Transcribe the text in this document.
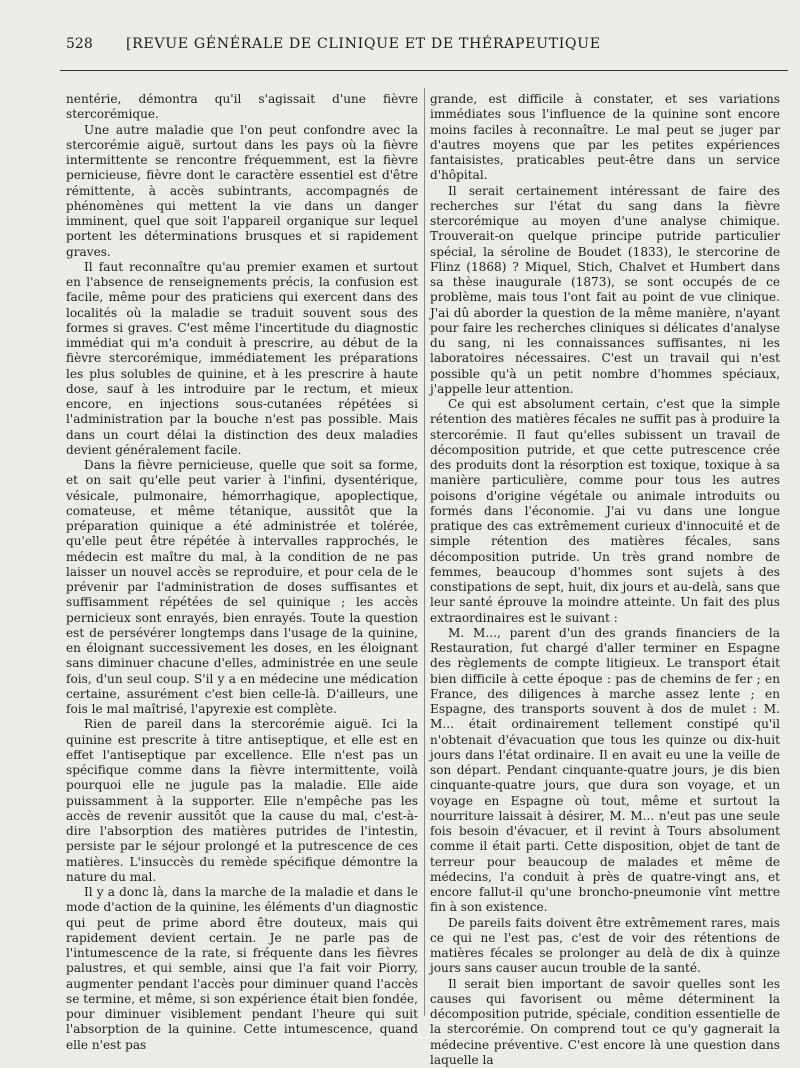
528	[REVUE GÉNÉRALE DE CLINIQUE ET DE THÉRAPEUTIQUE

nentérie, démontra qu'il s'agissait d'une fièvre stercorémique.

Une autre maladie que l'on peut confondre avec la stercorémie aiguë, surtout dans les pays où la fièvre intermittente se rencontre fréquemment, est la fièvre pernicieuse, fièvre dont le caractère essentiel est d'être rémittente, à accès subintrants, accompagnés de phénomènes qui mettent la vie dans un danger imminent, quel que soit l'appareil organique sur lequel portent les déterminations brusques et si rapidement graves.

Il faut reconnaître qu'au premier examen et surtout en l'absence de renseignements précis, la confusion est facile, même pour des praticiens qui exercent dans des localités où la maladie se traduit souvent sous des formes si graves. C'est même l'incertitude du diagnostic immédiat qui m'a conduit à prescrire, au début de la fièvre stercorémique, immédiatement les préparations les plus solubles de quinine, et à les prescrire à haute dose, sauf à les introduire par le rectum, et mieux encore, en injections sous-cutanées répétées si l'administration par la bouche n'est pas possible. Mais dans un court délai la distinction des deux maladies devient généralement facile.

Dans la fièvre pernicieuse, quelle que soit sa forme, et on sait qu'elle peut varier à l'infini, dysentérique, vésicale, pulmonaire, hémorrhagique, apoplectique, comateuse, et même tétanique, aussitôt que la préparation quinique a été administrée et tolérée, qu'elle peut être répétée à intervalles rapprochés, le médecin est maître du mal, à la condition de ne pas laisser un nouvel accès se reproduire, et pour cela de le prévenir par l'administration de doses suffisantes et suffisamment répétées de sel quinique ; les accès pernicieux sont enrayés, bien enrayés. Toute la question est de persévérer longtemps dans l'usage de la quinine, en éloignant successivement les doses, en les éloignant sans diminuer chacune d'elles, administrée en une seule fois, d'un seul coup. S'il y a en médecine une médication certaine, assurément c'est bien celle-là. D'ailleurs, une fois le mal maîtrisé, l'apyrexie est complète.

Rien de pareil dans la stercorémie aiguë. Ici la quinine est prescrite à titre antiseptique, et elle est en effet l'antiseptique par excellence. Elle n'est pas un spécifique comme dans la fièvre intermittente, voilà pourquoi elle ne jugule pas la maladie. Elle aide puissamment à la supporter. Elle n'empêche pas les accès de revenir aussitôt que la cause du mal, c'est-à-dire l'absorption des matières putrides de l'intestin, persiste par le séjour prolongé et la putrescence de ces matières. L'insuccès du remède spécifique démontre la nature du mal.

Il y a donc là, dans la marche de la maladie et dans le mode d'action de la quinine, les éléments d'un diagnostic qui peut de prime abord être douteux, mais qui rapidement devient certain. Je ne parle pas de l'intumescence de la rate, si fréquente dans les fièvres palustres, et qui semble, ainsi que l'a fait voir Piorry, augmenter pendant l'accès pour diminuer quand l'accès se termine, et même, si son expérience était bien fondée, pour diminuer visiblement pendant l'heure qui suit l'absorption de la quinine. Cette intumescence, quand elle n'est pas

grande, est difficile à constater, et ses variations immédiates sous l'influence de la quinine sont encore moins faciles à reconnaître. Le mal peut se juger par d'autres moyens que par les petites expériences fantaisistes, praticables peut-être dans un service d'hôpital.

Il serait certainement intéressant de faire des recherches sur l'état du sang dans la fièvre stercorémique au moyen d'une analyse chimique. Trouverait-on quelque principe putride particulier spécial, la séroline de Boudet (1833), le stercorine de Flinz (1868) ? Miquel, Stich, Chalvet et Humbert dans sa thèse inaugurale (1873), se sont occupés de ce problème, mais tous l'ont fait au point de vue clinique. J'ai dû aborder la question de la même manière, n'ayant pour faire les recherches cliniques si délicates d'analyse du sang, ni les connaissances suffisantes, ni les laboratoires nécessaires. C'est un travail qui n'est possible qu'à un petit nombre d'hommes spéciaux, j'appelle leur attention.

Ce qui est absolument certain, c'est que la simple rétention des matières fécales ne suffit pas à produire la stercorémie. Il faut qu'elles subissent un travail de décomposition putride, et que cette putrescence crée des produits dont la résorption est toxique, toxique à sa manière particulière, comme pour tous les autres poisons d'origine végétale ou animale introduits ou formés dans l'économie. J'ai vu dans une longue pratique des cas extrêmement curieux d'innocuité et de simple rétention des matières fécales, sans décomposition putride. Un très grand nombre de femmes, beaucoup d'hommes sont sujets à des constipations de sept, huit, dix jours et au-delà, sans que leur santé éprouve la moindre atteinte. Un fait des plus extraordinaires est le suivant :

M. M..., parent d'un des grands financiers de la Restauration, fut chargé d'aller terminer en Espagne des règlements de compte litigieux. Le transport était bien difficile à cette époque : pas de chemins de fer ; en France, des diligences à marche assez lente ; en Espagne, des transports souvent à dos de mulet : M. M... était ordinairement tellement constipé qu'il n'obtenait d'évacuation que tous les quinze ou dix-huit jours dans l'état ordinaire. Il en avait eu une la veille de son départ. Pendant cinquante-quatre jours, je dis bien cinquante-quatre jours, que dura son voyage, et un voyage en Espagne où tout, même et surtout la nourriture laissait à désirer, M. M... n'eut pas une seule fois besoin d'évacuer, et il revint à Tours absolument comme il était parti. Cette disposition, objet de tant de terreur pour beaucoup de malades et même de médecins, l'a conduit à près de quatre-vingt ans, et encore fallut-il qu'une broncho-pneumonie vînt mettre fin à son existence.

De pareils faits doivent être extrêmement rares, mais ce qui ne l'est pas, c'est de voir des rétentions de matières fécales se prolonger au delà de dix à quinze jours sans causer aucun trouble de la santé.

Il serait bien important de savoir quelles sont les causes qui favorisent ou même déterminent la décomposition putride, spéciale, condition essentielle de la stercorémie. On comprend tout ce qu'y gagnerait la médecine préventive. C'est encore là une question dans laquelle la
